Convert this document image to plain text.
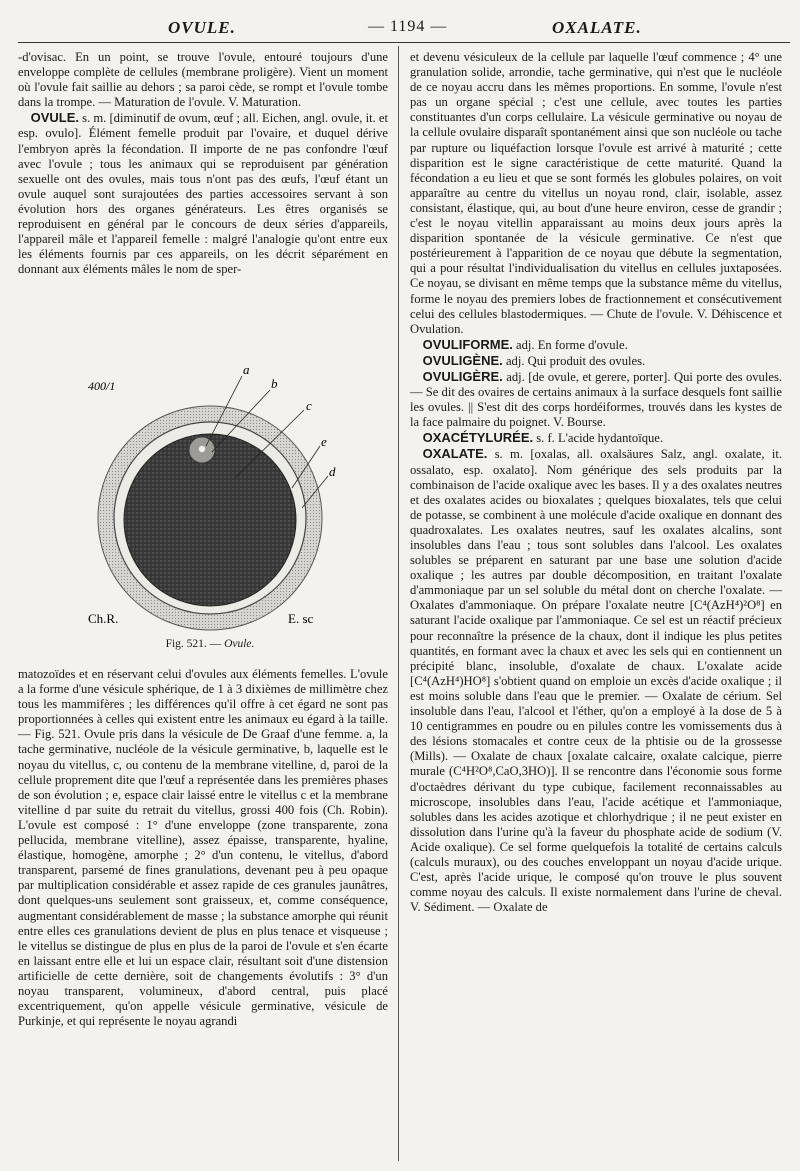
OVULE.	— 1194 —	OXALATE.

-d'ovisac. En un point, se trouve l'ovule, entouré toujours d'une enveloppe complète de cellules (membrane proligère). Vient un moment où l'ovule fait saillie au dehors ; sa paroi cède, se rompt et l'ovule tombe dans la trompe. — Maturation de l'ovule. V. Maturation.

 OVULE. s. m. [diminutif de ovum, œuf ; all. Eichen, angl. ovule, it. et esp. ovulo]. Élément femelle produit par l'ovaire, et duquel dérive l'embryon après la fécondation. Il importe de ne pas confondre l'œuf avec l'ovule ; tous les animaux qui se reproduisent par génération sexuelle ont des ovules, mais tous n'ont pas des œufs, l'œuf étant un ovule auquel sont surajoutées des parties accessoires servant à son évolution hors des organes générateurs. Les êtres organisés se reproduisent en général par le concours de deux séries d'appareils, l'appareil mâle et l'appareil femelle : malgré l'analogie qu'ont entre eux les éléments fournis par ces appareils, on les décrit séparément en donnant aux éléments mâles le nom de sper-

a
b
c
e
d
400/1
Ch.R.	E. sc
Fig. 521. — Ovule.

matozoïdes et en réservant celui d'ovules aux éléments femelles. L'ovule a la forme d'une vésicule sphérique, de 1 à 3 dixièmes de millimètre chez tous les mammifères ; les différences qu'il offre à cet égard ne sont pas proportionnées à celles qui existent entre les animaux eu égard à la taille. — Fig. 521. Ovule pris dans la vésicule de De Graaf d'une femme. a, la tache germinative, nucléole de la vésicule germinative, b, laquelle est le noyau du vitellus, c, ou contenu de la membrane vitelline, d, paroi de la cellule proprement dite que l'œuf a représentée dans les premières phases de son évolution ; e, espace clair laissé entre le vitellus c et la membrane vitelline d par suite du retrait du vitellus, grossi 400 fois (Ch. Robin). L'ovule est composé : 1° d'une enveloppe (zone transparente, zona pellucida, membrane vitelline), assez épaisse, transparente, hyaline, élastique, homogène, amorphe ; 2° d'un contenu, le vitellus, d'abord transparent, parsemé de fines granulations, devenant peu à peu opaque par multiplication considérable et assez rapide de ces granules jaunâtres, dont quelques-uns seulement sont graisseux, et, comme conséquence, augmentant considérablement de masse ; la substance amorphe qui réunit entre elles ces granulations devient de plus en plus tenace et visqueuse ; le vitellus se distingue de plus en plus de la paroi de l'ovule et s'en écarte en laissant entre elle et lui un espace clair, résultant soit d'une distension artificielle de cette dernière, soit de changements évolutifs : 3° d'un noyau transparent, volumineux, d'abord central, puis placé excentriquement, qu'on appelle vésicule germinative, vésicule de Purkinje, et qui représente le noyau agrandi

et devenu vésiculeux de la cellule par laquelle l'œuf commence ; 4° une granulation solide, arrondie, tache germinative, qui n'est que le nucléole de ce noyau accru dans les mêmes proportions. En somme, l'ovule n'est pas un organe spécial ; c'est une cellule, avec toutes les parties constituantes d'un corps cellulaire. La vésicule germinative ou noyau de la cellule ovulaire disparaît spontanément ainsi que son nucléole ou tache par rupture ou liquéfaction lorsque l'ovule est arrivé à maturité ; cette disparition est le signe caractéristique de cette maturité. Quand la fécondation a eu lieu et que se sont formés les globules polaires, on voit apparaître au centre du vitellus un noyau rond, clair, isolable, assez consistant, élastique, qui, au bout d'une heure environ, cesse de grandir ; c'est le noyau vitellin apparaissant au moins deux jours après la disparition spontanée de la vésicule germinative. Ce n'est que postérieurement à l'apparition de ce noyau que débute la segmentation, qui a pour résultat l'individualisation du vitellus en cellules juxtaposées. Ce noyau, se divisant en même temps que la substance même du vitellus, forme le noyau des premiers lobes de fractionnement et consécutivement celui des cellules blastodermiques. — Chute de l'ovule. V. Déhiscence et Ovulation.

 OVULIFORME. adj. En forme d'ovule.

 OVULIGÈNE. adj. Qui produit des ovules.

 OVULIGÈRE. adj. [de ovule, et gerere, porter]. Qui porte des ovules. — Se dit des ovaires de certains animaux à la surface desquels font saillie les ovules. || S'est dit des corps hordéiformes, trouvés dans les kystes de la face palmaire du poignet. V. Bourse.

 OXACÉTYLURÉE. s. f. L'acide hydantoïque.

 OXALATE. s. m. [oxalas, all. oxalsäures Salz, angl. oxalate, it. ossalato, esp. oxalato]. Nom générique des sels produits par la combinaison de l'acide oxalique avec les bases. Il y a des oxalates neutres et des oxalates acides ou bioxalates ; quelques bioxalates, tels que celui de potasse, se combinent à une molécule d'acide oxalique en donnant des quadroxalates. Les oxalates neutres, sauf les oxalates alcalins, sont insolubles dans l'eau ; tous sont solubles dans l'alcool. Les oxalates solubles se préparent en saturant par une base une solution d'acide oxalique ; les autres par double décomposition, en traitant l'oxalate d'ammoniaque par un sel soluble du métal dont on cherche l'oxalate. — Oxalates d'ammoniaque. On prépare l'oxalate neutre [C⁴(AzH⁴)²O⁸] en saturant l'acide oxalique par l'ammoniaque. Ce sel est un réactif précieux pour reconnaître la présence de la chaux, dont il indique les plus petites quantités, en formant avec la chaux et avec les sels qui en contiennent un précipité blanc, insoluble, d'oxalate de chaux. L'oxalate acide [C⁴(AzH⁴)HO⁸] s'obtient quand on emploie un excès d'acide oxalique ; il est moins soluble dans l'eau que le premier. — Oxalate de cérium. Sel insoluble dans l'eau, l'alcool et l'éther, qu'on a employé à la dose de 5 à 10 centigrammes en poudre ou en pilules contre les vomissements dus à des lésions stomacales et contre ceux de la phtisie ou de la grossesse (Mills). — Oxalate de chaux [oxalate calcaire, oxalate calcique, pierre murale (C⁴H²O⁸,CaO,3HO)]. Il se rencontre dans l'économie sous forme d'octaèdres dérivant du type cubique, facilement reconnaissables au microscope, insolubles dans l'eau, l'acide acétique et l'ammoniaque, solubles dans les acides azotique et chlorhydrique ; il ne peut exister en dissolution dans l'urine qu'à la faveur du phosphate acide de sodium (V. Acide oxalique). Ce sel forme quelquefois la totalité de certains calculs (calculs muraux), ou des couches enveloppant un noyau d'acide urique. C'est, après l'acide urique, le composé qu'on trouve le plus souvent comme noyau des calculs. Il existe normalement dans l'urine de cheval. V. Sédiment. — Oxalate de
